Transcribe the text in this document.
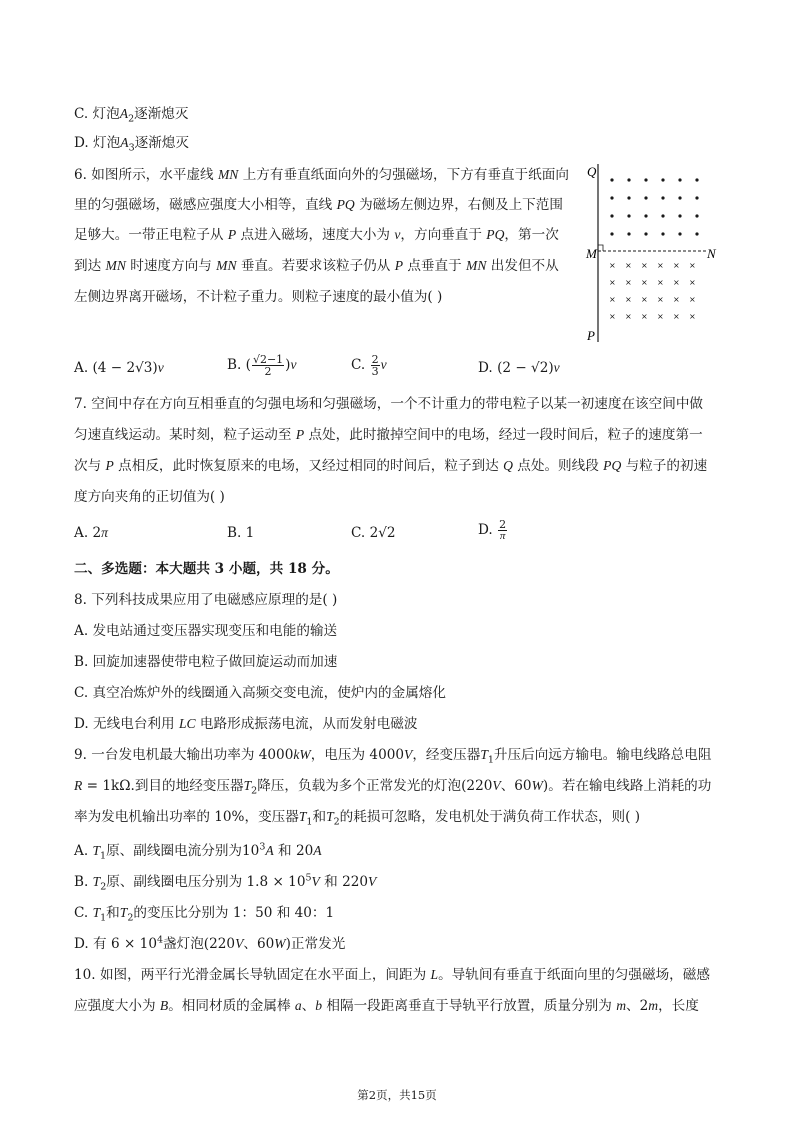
C. 灯泡$A_2$逐渐熄灭
D. 灯泡$A_3$逐渐熄灭
6. 如图所示，水平虚线 MN 上方有垂直纸面向外的匀强磁场，下方有垂直于纸面向
里的匀强磁场，磁感应强度大小相等，直线 PQ 为磁场左侧边界，右侧及上下范围
足够大。一带正电粒子从 P 点进入磁场，速度大小为 v，方向垂直于 PQ，第一次
到达 MN 时速度方向与 MN 垂直。若要求该粒子仍从 P 点垂直于 MN 出发但不从
左侧边界离开磁场，不计粒子重力。则粒子速度的最小值为( )
Q
M	N
P
× × × × × ×
× × × × × ×
× × × × × ×
× × × × × ×
A. (4 − 2√3)v	B. ( $\frac{√2-1}{2} )v$	C. $\frac{2}{3}$ v	D. (2 − √2)v
7. 空间中存在方向互相垂直的匀强电场和匀强磁场，一个不计重力的带电粒子以某一初速度在该空间中做
匀速直线运动。某时刻，粒子运动至 P 点处，此时撤掉空间中的电场，经过一段时间后，粒子的速度第一
次与 P 点相反，此时恢复原来的电场，又经过相同的时间后，粒子到达 Q 点处。则线段 PQ 与粒子的初速
度方向夹角的正切值为( )
A. 2π	B. 1	C. 2√2	D. $\frac{2}{\pi}$
二、多选题：本大题共 3 小题，共 18 分。
8. 下列科技成果应用了电磁感应原理的是( )
A. 发电站通过变压器实现变压和电能的输送
B. 回旋加速器使带电粒子做回旋运动而加速
C. 真空冶炼炉外的线圈通入高频交变电流，使炉内的金属熔化
D. 无线电台利用 LC 电路形成振荡电流，从而发射电磁波
9. 一台发电机最大输出功率为 4000kW，电压为 4000V，经变压器$T_1$升压后向远方输电。输电线路总电阻
R = 1kΩ.到目的地经变压器$T_2$降压，负载为多个正常发光的灯泡(220V、60W)。若在输电线路上消耗的功
率为发电机输出功率的 10%，变压器$T_1$和$T_2$的耗损可忽略，发电机处于满负荷工作状态，则( )
A. $T_1$原、副线圈电流分别为$10^3A$ 和 20A
B. $T_2$原、副线圈电压分别为 $1.8 \times 10^5V$ 和 220V
C. $T_1$和$T_2$的变压比分别为 1：50 和 40：1
D. 有 $6 \times 10^4$盏灯泡(220V、60W)正常发光
10. 如图，两平行光滑金属长导轨固定在水平面上，间距为 L。导轨间有垂直于纸面向里的匀强磁场，磁感
应强度大小为 B。相同材质的金属棒 a、b 相隔一段距离垂直于导轨平行放置，质量分别为 m、2m，长度
第2页，共15页
